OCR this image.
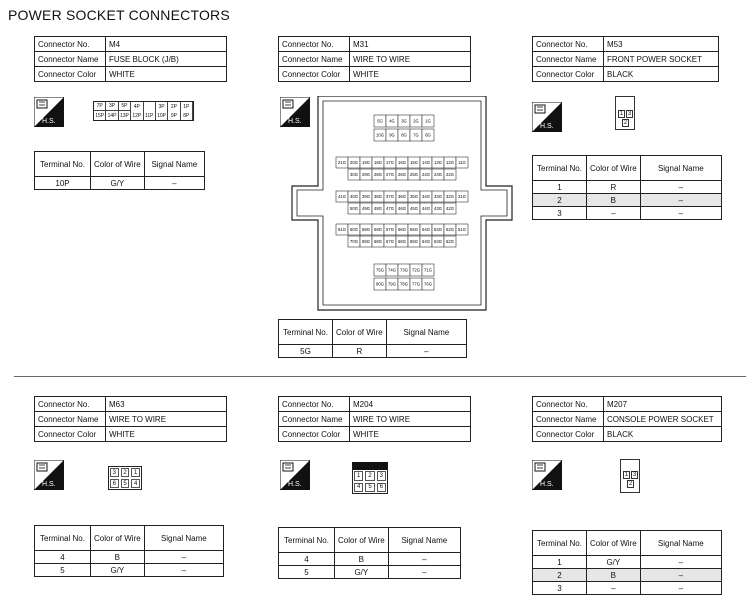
POWER SOCKET CONNECTORS
Connector No.	M4
Connector Name	FUSE BLOCK (J/B)
Connector Color	WHITE
H.S.
7P	3P	5P	4P	3P	2P	1P
15P 14P 13P 12P 11P 10P 9P	8P
Terminal No.	Color of Wire	Signal Name
10P	G/Y	–
Connector No.	M31
Connector Name	WIRE TO WIRE
Connector Color	WHITE
H.S.	5G 4G 3G 2G 1G
10G 9G 8G 7G 6G
21G 20G 19G 18G 17G 16G 15G 14G 13G 12G 11G
30G 29G 28G 27G 26G 25G 24G 23G 22G
41G 40G 39G 38G 37G 36G 35G 34G 33G 32G 31G
50G 49G 48G 47G 46G 45G 44G 43G 42G
61G 60G 59G 58G 57G 56G 55G 54G 53G 52G 51G
70G 69G 68G 67G 66G 65G 64G 63G 62G
75G 74G 73G 72G 71G
80G 79G 78G 77G 76G
Terminal No.	Color of Wire	Signal Name
5G	R	–
Connector No.	M53
Connector Name	FRONT POWER SOCKET
Connector Color	BLACK
H.S.
1 3
2
Terminal No.	Color of Wire	Signal Name
1	R	–
2	B	–
3	–	–
Connector No.	M63
Connector Name	WIRE TO WIRE
Connector Color	WHITE
H.S.
3	2	1
6	5	4
Terminal No.	Color of Wire	Signal Name
4	B	–
5	G/Y	–
Connector No.	M204
Connector Name	WIRE TO WIRE
Connector Color	WHITE
H.S.
1	2	3
4	5	6
Terminal No.	Color of Wire	Signal Name
4	B	–
5	G/Y	–
Connector No.	M207
Connector Name	CONSOLE POWER SOCKET
Connector Color	BLACK
H.S.
1 3
2
Terminal No.	Color of Wire	Signal Name
1	G/Y	–
2	B	–
3	–	–
